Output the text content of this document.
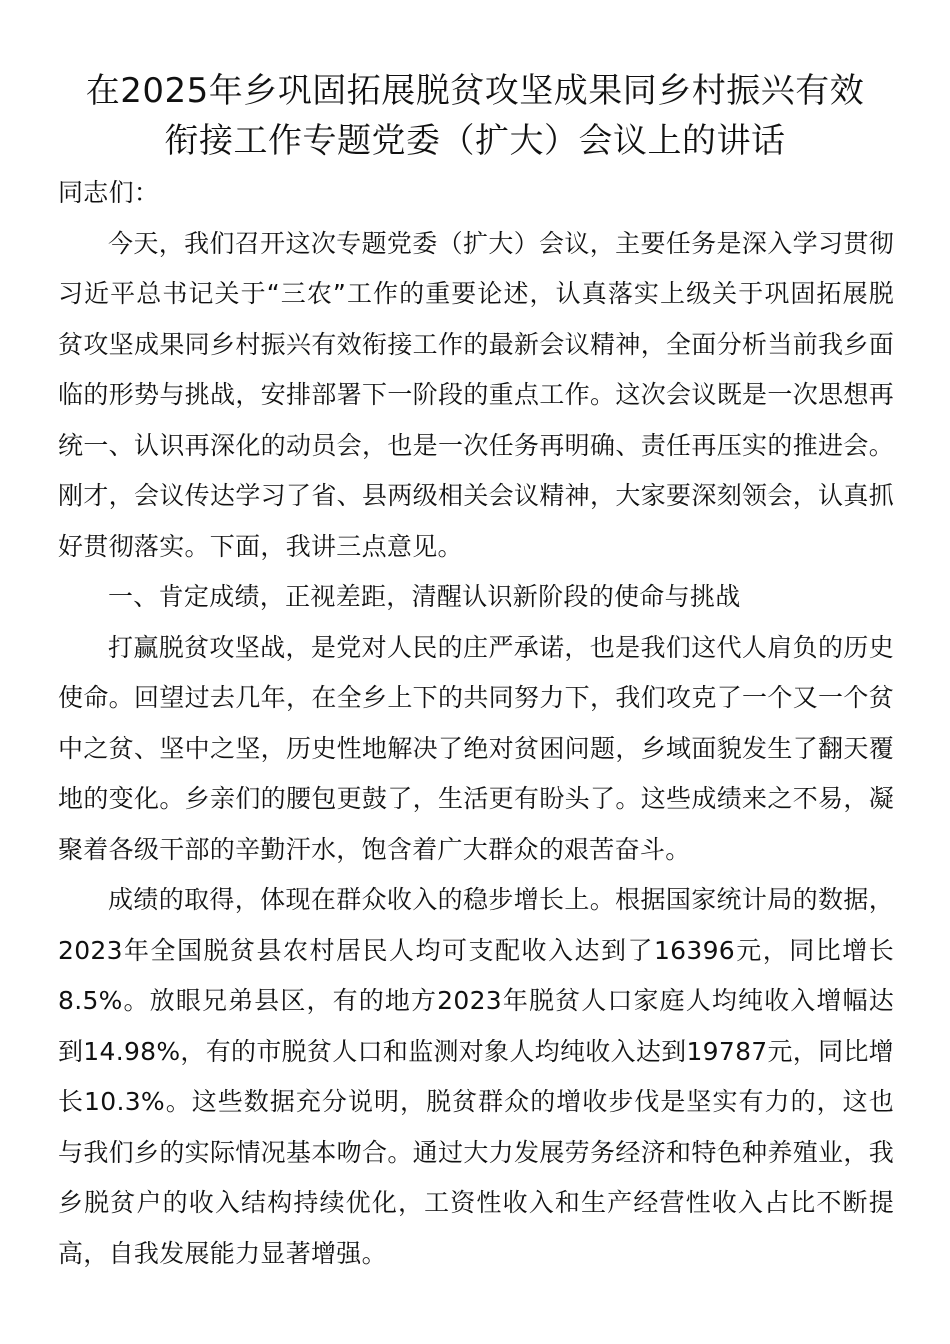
在2025年乡巩固拓展脱贫攻坚成果同乡村振兴有效
衔接工作专题党委（扩大）会议上的讲话

同志们：

今天，我们召开这次专题党委（扩大）会议，主要任务是深入学习贯彻习近平总书记关于“三农”工作的重要论述，认真落实上级关于巩固拓展脱贫攻坚成果同乡村振兴有效衔接工作的最新会议精神，全面分析当前我乡面临的形势与挑战，安排部署下一阶段的重点工作。这次会议既是一次思想再统一、认识再深化的动员会，也是一次任务再明确、责任再压实的推进会。刚才，会议传达学习了省、县两级相关会议精神，大家要深刻领会，认真抓好贯彻落实。下面，我讲三点意见。

一、肯定成绩，正视差距，清醒认识新阶段的使命与挑战

打赢脱贫攻坚战，是党对人民的庄严承诺，也是我们这代人肩负的历史使命。回望过去几年，在全乡上下的共同努力下，我们攻克了一个又一个贫中之贫、坚中之坚，历史性地解决了绝对贫困问题，乡域面貌发生了翻天覆地的变化。乡亲们的腰包更鼓了，生活更有盼头了。这些成绩来之不易，凝聚着各级干部的辛勤汗水，饱含着广大群众的艰苦奋斗。

成绩的取得，体现在群众收入的稳步增长上。根据国家统计局的数据，2023年全国脱贫县农村居民人均可支配收入达到了16396元，同比增长8.5%。放眼兄弟县区，有的地方2023年脱贫人口家庭人均纯收入增幅达到14.98%，有的市脱贫人口和监测对象人均纯收入达到19787元，同比增长10.3%。这些数据充分说明，脱贫群众的增收步伐是坚实有力的，这也与我们乡的实际情况基本吻合。通过大力发展劳务经济和特色种养殖业，我乡脱贫户的收入结构持续优化，工资性收入和生产经营性收入占比不断提高，自我发展能力显著增强。
